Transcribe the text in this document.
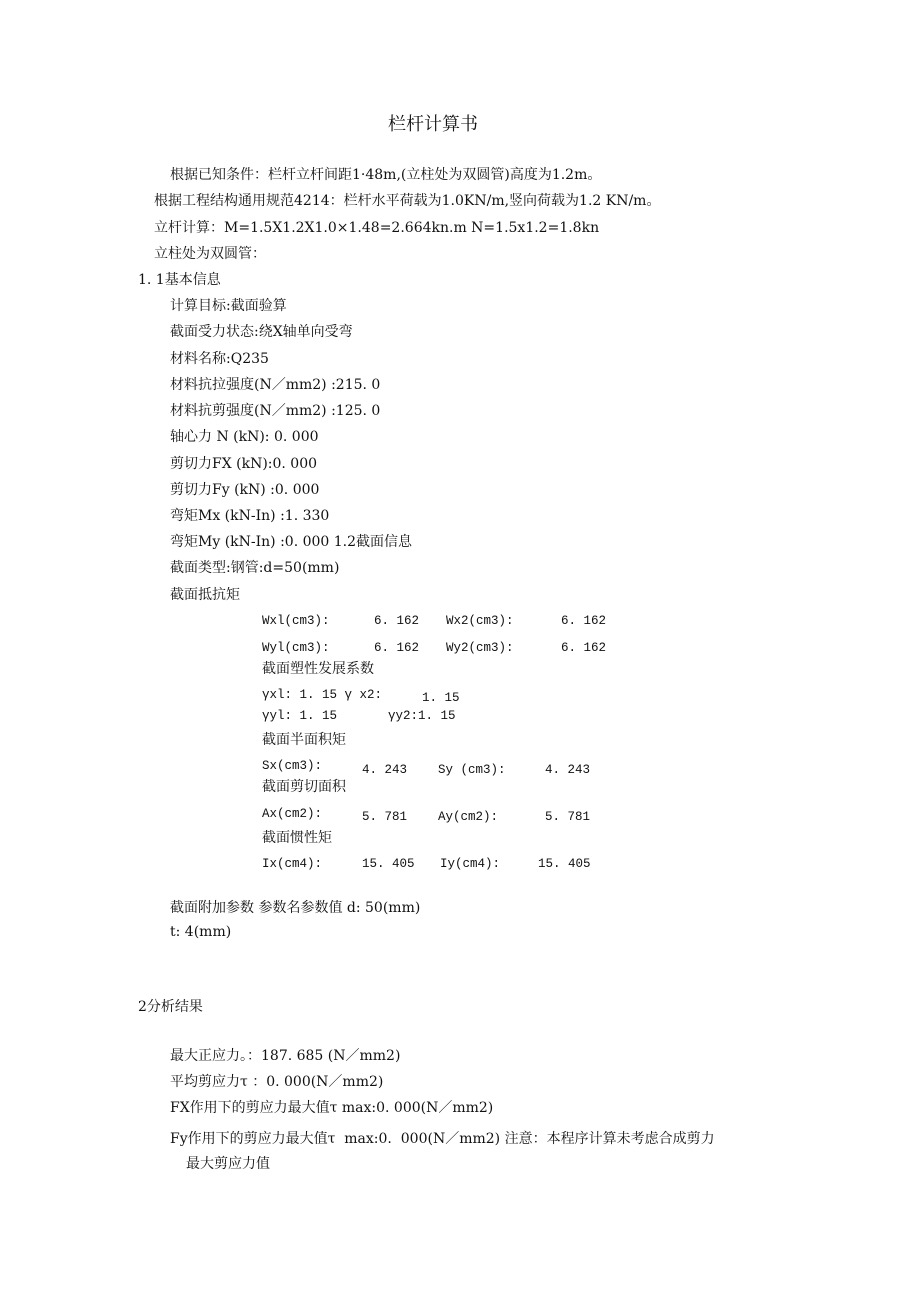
栏杆计算书
根据已知条件：栏杆立杆间距1·48m,(立柱处为双圆管)高度为1.2m。
根据工程结构通用规范4214：栏杆水平荷载为1.0KN/m,竖向荷载为1.2 KN/m。
立杆计算：M=1.5X1.2X1.0×1.48=2.664kn.m N=1.5x1.2=1.8kn
立柱处为双圆管：
1. 1基本信息
计算目标:截面验算
截面受力状态:绕X轴单向受弯
材料名称:Q235
材料抗拉强度(N／mm2) :215. 0
材料抗剪强度(N／mm2) :125. 0
轴心力 N (kN): 0. 000
剪切力FX (kN):0. 000
剪切力Fy (kN) :0. 000
弯矩Mx (kN-In) :1. 330
弯矩My (kN-In) :0. 000 1.2截面信息
截面类型:钢管:d=50(mm)
截面抵抗矩
Wxl(cm3):	6. 162 Wx2(cm3):	6. 162
Wyl(cm3):	6. 162 Wy2(cm3):	6. 162
截面塑性发展系数
γxl: 1. 15 γ x2:	1. 15
γyl: 1. 15	γy2:1. 15
截面半面积矩
Sx(cm3):	4. 243 Sy (cm3):	4. 243
截面剪切面积
Ax(cm2):	5. 781 Ay(cm2):	5. 781
截面惯性矩
Ix(cm4):	15. 405 Iy(cm4):	15. 405
截面附加参数 参数名参数值 d: 50(mm)
t: 4(mm)
2分析结果
最大正应力。：187. 685 (N／mm2)
平均剪应力τ ：0. 000(N／mm2)
FX作用下的剪应力最大值τ max:0. 000(N／mm2)
Fy作用下的剪应力最大值τ  max:0.  000(N／mm2) 注意：本程序计算未考虑合成剪力
最大剪应力值
